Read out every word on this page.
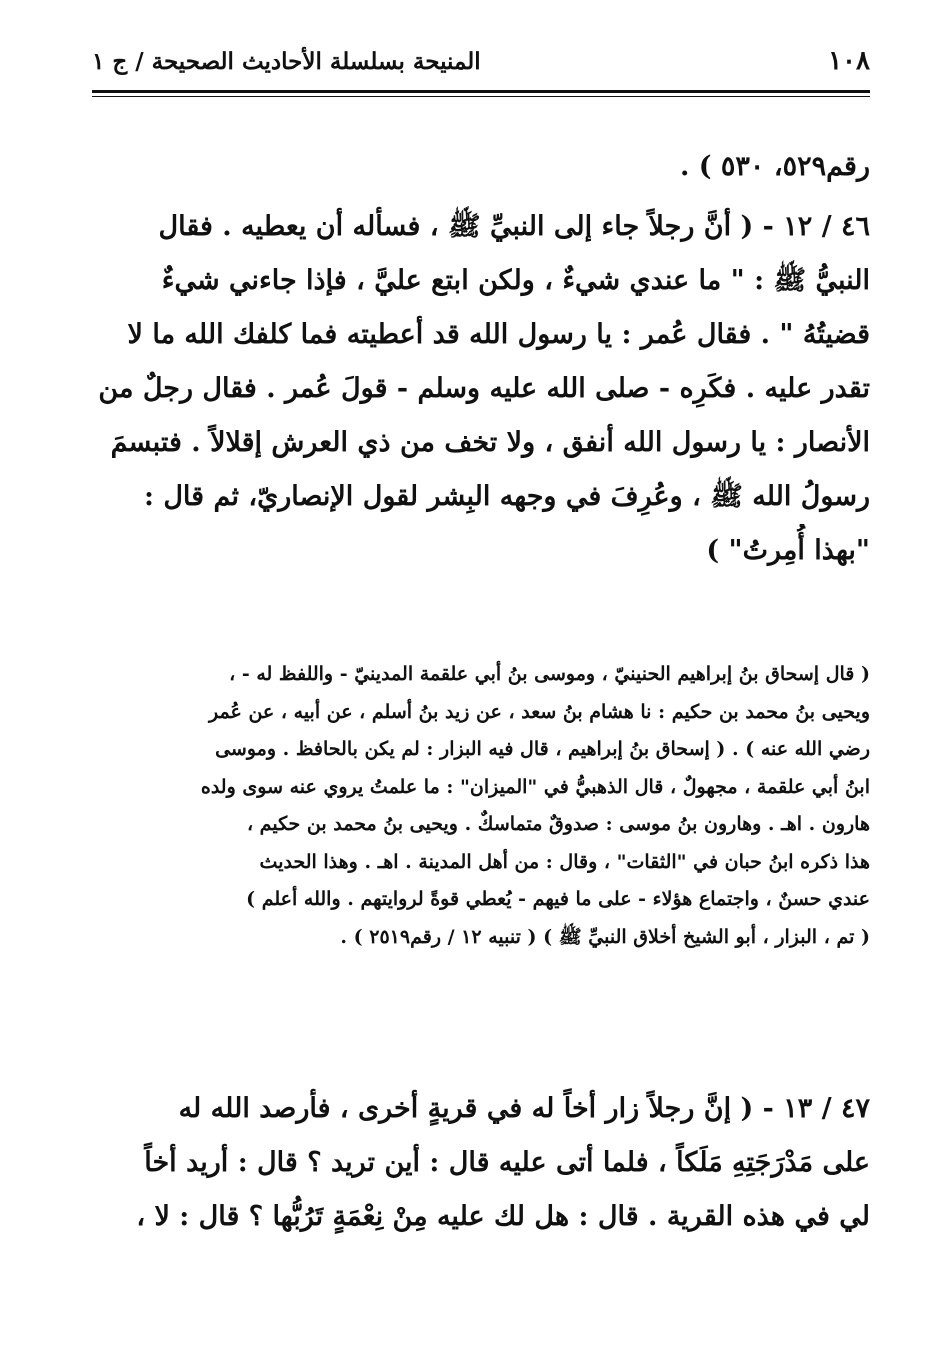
١٠٨
المنيحة بسلسلة الأحاديث الصحيحة / ج ١
رقم٥٢٩، ٥٣٠ ) .
٤٦ / ١٢ - ( أنَّ رجلاً جاء إلى النبيِّ ﷺ ، فسأله أن يعطيه . فقال
النبيُّ ﷺ : " ما عندي شيءٌ ، ولكن ابتع عليَّ ، فإذا جاءني شيءٌ
قضيتُهُ " . فقال عُمر : يا رسول الله قد أعطيته فما كلفك الله ما لا
تقدر عليه . فكَرِه - صلى الله عليه وسلم - قولَ عُمر . فقال رجلٌ من
الأنصار : يا رسول الله أنفق ، ولا تخف من ذي العرش إقلالاً . فتبسمَ
رسولُ الله ﷺ ، وعُرِفَ في وجهه البِشر لقول الإنصاريّ، ثم قال :
"بهذا أُمِرتُ" )
( قال إسحاق بنُ إبراهيم الحنينيّ ، وموسى بنُ أبي علقمة المدينيّ - واللفظ له - ،
ويحيى بنُ محمد بن حكيم : نا هشام بنُ سعد ، عن زيد بنُ أسلم ، عن أبيه ، عن عُمر
رضي الله عنه ) . ( إسحاق بنُ إبراهيم ، قال فيه البزار : لم يكن بالحافظ . وموسى
ابنُ أبي علقمة ، مجهولٌ ، قال الذهبيُّ في "الميزان" : ما علمتُ يروي عنه سوى ولده
هارون . اهـ . وهارون بنُ موسى : صدوقٌ متماسكٌ . ويحيى بنُ محمد بن حكيم ،
هذا ذكره ابنُ حبان في "الثقات" ، وقال : من أهل المدينة . اهـ . وهذا الحديث
عندي حسنٌ ، واجتماع هؤلاء - على ما فيهم - يُعطي قوةً لروايتهم . والله أعلم )
( تم ، البزار ، أبو الشيخ أخلاق النبيِّ ﷺ ) ( تنبيه ١٢ / رقم٢٥١٩ ) .
٤٧ / ١٣ - ( إنَّ رجلاً زار أخاً له في قريةٍ أخرى ، فأرصد الله له
على مَدْرَجَتِهِ مَلَكاً ، فلما أتى عليه قال : أين تريد ؟ قال : أريد أخاً
لي في هذه القرية . قال : هل لك عليه مِنْ نِعْمَةٍ تَرُبُّها ؟ قال : لا ،
